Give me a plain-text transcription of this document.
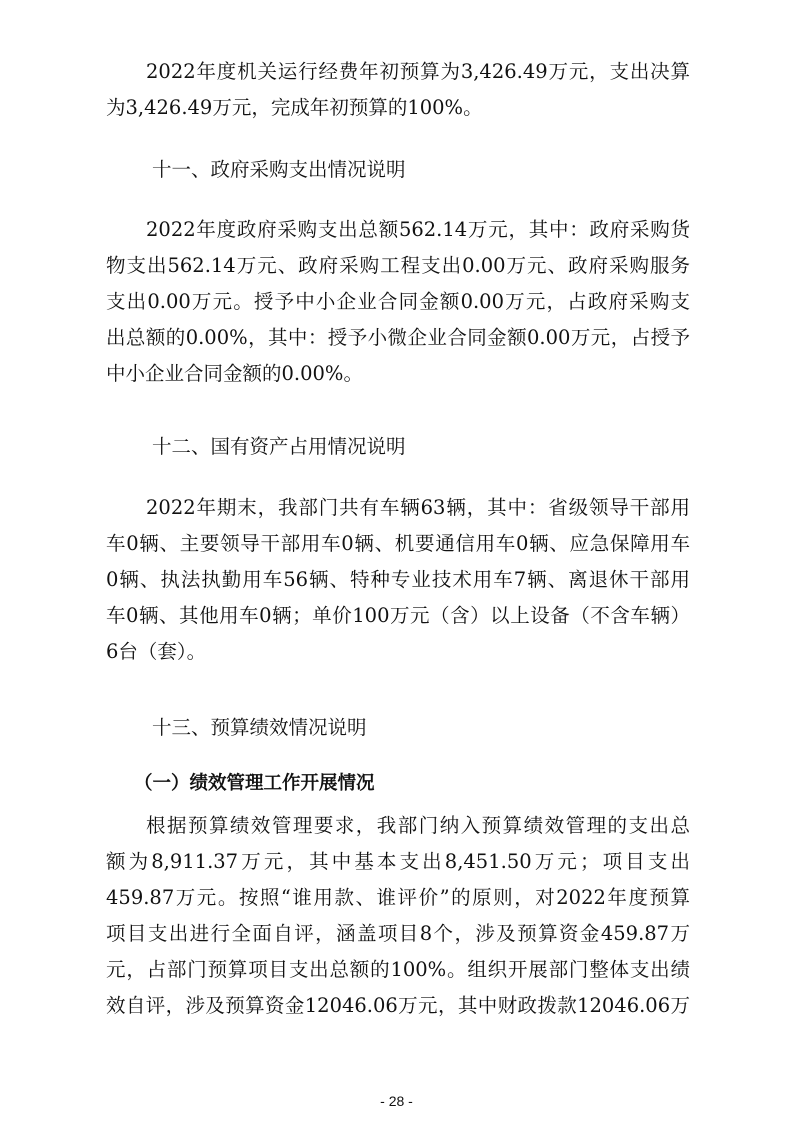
2022年度机关运行经费年初预算为3,426.49万元，支出决算
为3,426.49万元，完成年初预算的100%。
十一、政府采购支出情况说明
2022年度政府采购支出总额562.14万元，其中：政府采购货
物支出562.14万元、政府采购工程支出0.00万元、政府采购服务
支出0.00万元。授予中小企业合同金额0.00万元，占政府采购支
出总额的0.00%，其中：授予小微企业合同金额0.00万元，占授予
中小企业合同金额的0.00%。
十二、国有资产占用情况说明
2022年期末，我部门共有车辆63辆，其中：省级领导干部用
车0辆、主要领导干部用车0辆、机要通信用车0辆、应急保障用车
0辆、执法执勤用车56辆、特种专业技术用车7辆、离退休干部用
车0辆、其他用车0辆；单价100万元（含）以上设备（不含车辆）
6台（套）。
十三、预算绩效情况说明
（一）绩效管理工作开展情况
根据预算绩效管理要求，我部门纳入预算绩效管理的支出总
额为8,911.37万元，其中基本支出8,451.50万元；项目支出
459.87万元。按照“谁用款、谁评价”的原则，对2022年度预算
项目支出进行全面自评，涵盖项目8个，涉及预算资金459.87万
元，占部门预算项目支出总额的100%。组织开展部门整体支出绩
效自评，涉及预算资金12046.06万元，其中财政拨款12046.06万
- 28 -
